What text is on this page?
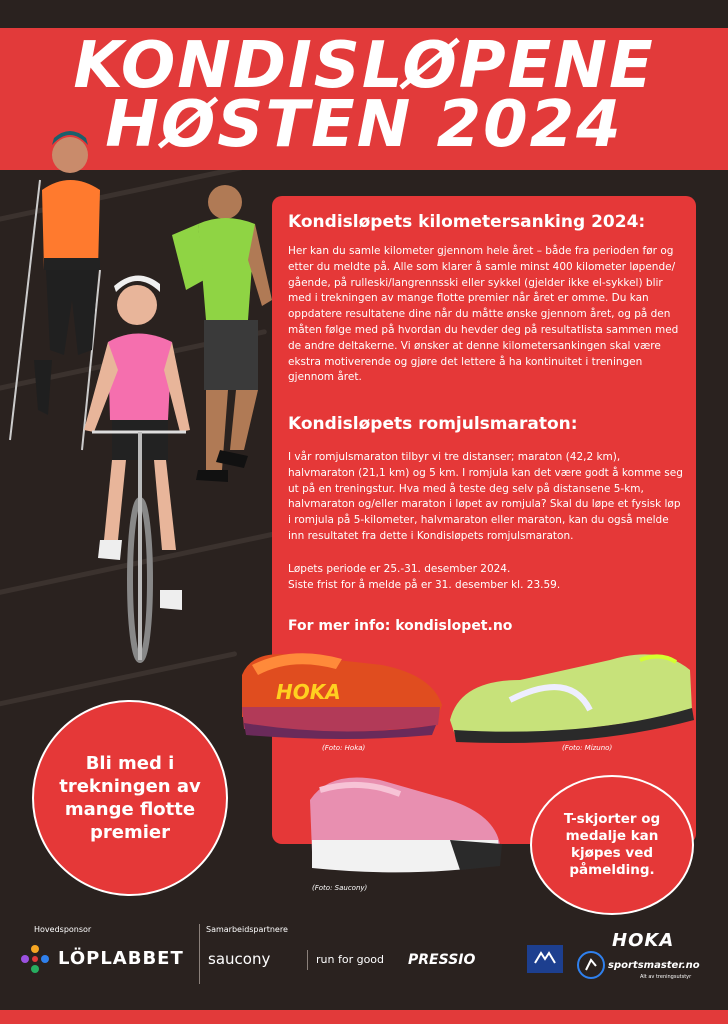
KONDISLØPENE
HØSTEN 2024
Kondisløpets kilometersanking 2024:

Her kan du samle kilometer gjennom hele året – både fra perioden før og etter du meldte på. Alle som klarer å samle minst 400 kilometer løpende/ gående, på rulleski/langrennsski eller sykkel (gjelder ikke el-sykkel) blir med i trekningen av mange flotte premier når året er omme. Du kan oppdatere resultatene dine når du måtte ønske gjennom året, og på den måten følge med på hvordan du hevder deg på resultatlista sammen med de andre deltakerne. Vi ønsker at denne kilometersankingen skal være ekstra motiverende og gjøre det lettere å ha kontinuitet i treningen gjennom året.

Kondisløpets romjulsmaraton:

I vår romjulsmaraton tilbyr vi tre distanser; maraton (42,2 km), halvmaraton (21,1 km) og 5 km. I romjula kan det være godt å komme seg ut på en treningstur. Hva med å teste deg selv på distansene 5-km, halvmaraton og/eller maraton i løpet av romjula? Skal du løpe et fysisk løp i romjula på 5-kilometer, halvmaraton eller maraton, kan du også melde inn resultatet fra dette i Kondisløpets romjulsmaraton.

Løpets periode er 25.-31. desember 2024.
Siste frist for å melde på er 31. desember kl. 23.59.
For mer info: kondislopet.no
HOKA
(Foto: Hoka)	(Foto: Mizuno)
(Foto: Saucony)
Bli med i trekningen av mange flotte premier
T-skjorter og medalje kan kjøpes ved påmelding.
Hovedsponsor	Samarbeidspartnere
LÖPLABBET saucony	run for good PRESSIO
HOKA
sportsmaster.no
Alt av treningsutstyr
